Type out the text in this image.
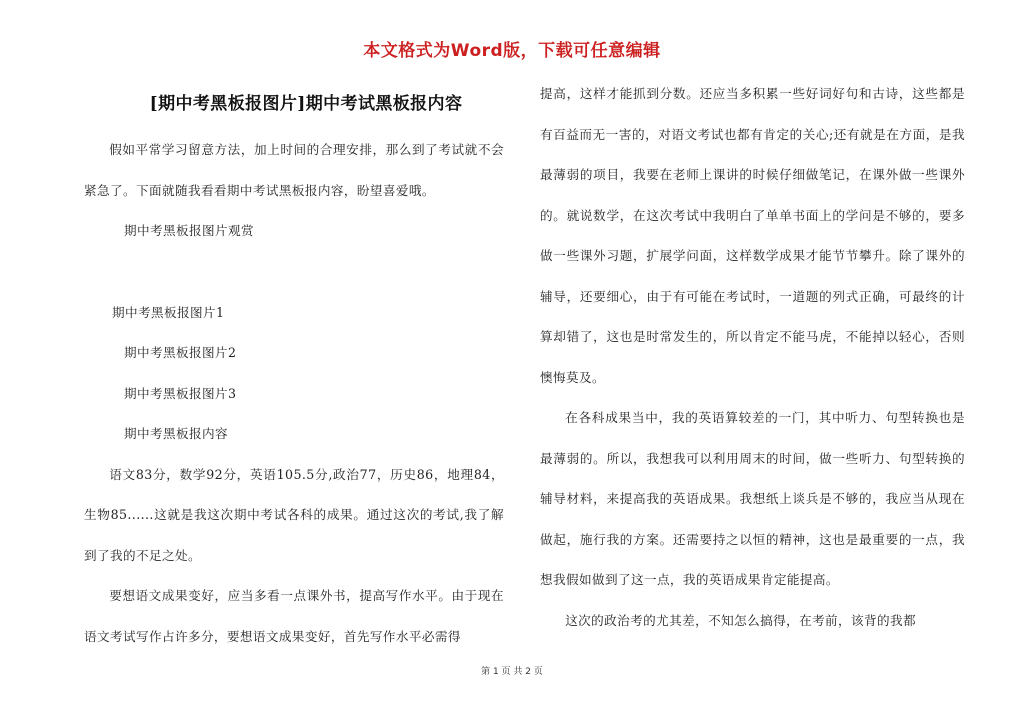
本文格式为Word版，下载可任意编辑
[期中考黑板报图片]期中考试黑板报内容

假如平常学习留意方法，加上时间的合理安排，那么到了考试就不会紧急了。下面就随我看看期中考试黑板报内容，盼望喜爱哦。

期中考黑板报图片观赏

期中考黑板报图片1

期中考黑板报图片2

期中考黑板报图片3

期中考黑板报内容

语文83分，数学92分，英语105.5分,政治77，历史86，地理84，生物85......这就是我这次期中考试各科的成果。通过这次的考试,我了解到了我的不足之处。

要想语文成果变好，应当多看一点课外书，提高写作水平。由于现在语文考试写作占许多分，要想语文成果变好，首先写作水平必需得

提高，这样才能抓到分数。还应当多积累一些好词好句和古诗，这些都是有百益而无一害的，对语文考试也都有肯定的关心;还有就是在方面，是我最薄弱的项目，我要在老师上课讲的时候仔细做笔记，在课外做一些课外的。就说数学，在这次考试中我明白了单单书面上的学问是不够的，要多做一些课外习题，扩展学问面，这样数学成果才能节节攀升。除了课外的辅导，还要细心，由于有可能在考试时，一道题的列式正确，可最终的计算却错了，这也是时常发生的，所以肯定不能马虎，不能掉以轻心，否则懊悔莫及。

在各科成果当中，我的英语算较差的一门，其中听力、句型转换也是最薄弱的。所以，我想我可以利用周末的时间，做一些听力、句型转换的辅导材料，来提高我的英语成果。我想纸上谈兵是不够的，我应当从现在做起，施行我的方案。还需要持之以恒的精神，这也是最重要的一点，我想我假如做到了这一点，我的英语成果肯定能提高。

这次的政治考的尤其差，不知怎么搞得，在考前，该背的我都

第 1 页 共 2 页
